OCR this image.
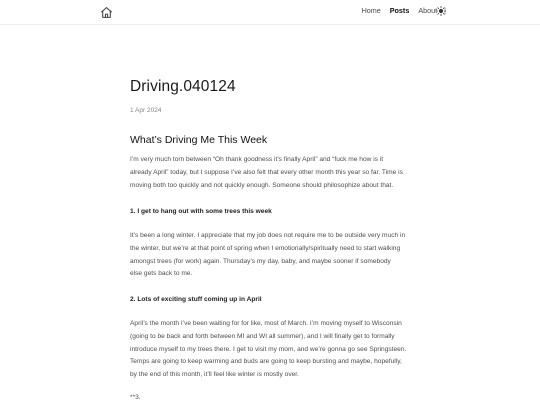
Home Posts About |
Driving.040124
1 Apr 2024
What’s Driving Me This Week

I’m very much torn between “Oh thank goodness it’s finally April” and “fuck me how is it
already April” today, but I suppose I’ve also felt that every other month this year so far. Time is
moving both too quickly and not quickly enough. Someone should philosophize about that.

1. I get to hang out with some trees this week

It’s been a long winter. I appreciate that my job does not require me to be outside very much in
the winter, but we’re at that point of spring when I emotionally/spiritually need to start walking
amongst trees (for work) again. Thursday’s my day, baby, and maybe sooner if somebody
else gets back to me.

2. Lots of exciting stuff coming up in April

April’s the month I’ve been waiting for for like, most of March. I’m moving myself to Wisconsin
(going to be back and forth between MI and WI all summer), and I will finally get to formally
introduce myself to my trees there. I get to visit my mom, and we’re gonna go see Springsteen.
Temps are going to keep warming and buds are going to keep bursting and maybe, hopefully,
by the end of this month, it’ll feel like winter is mostly over.

**3.
